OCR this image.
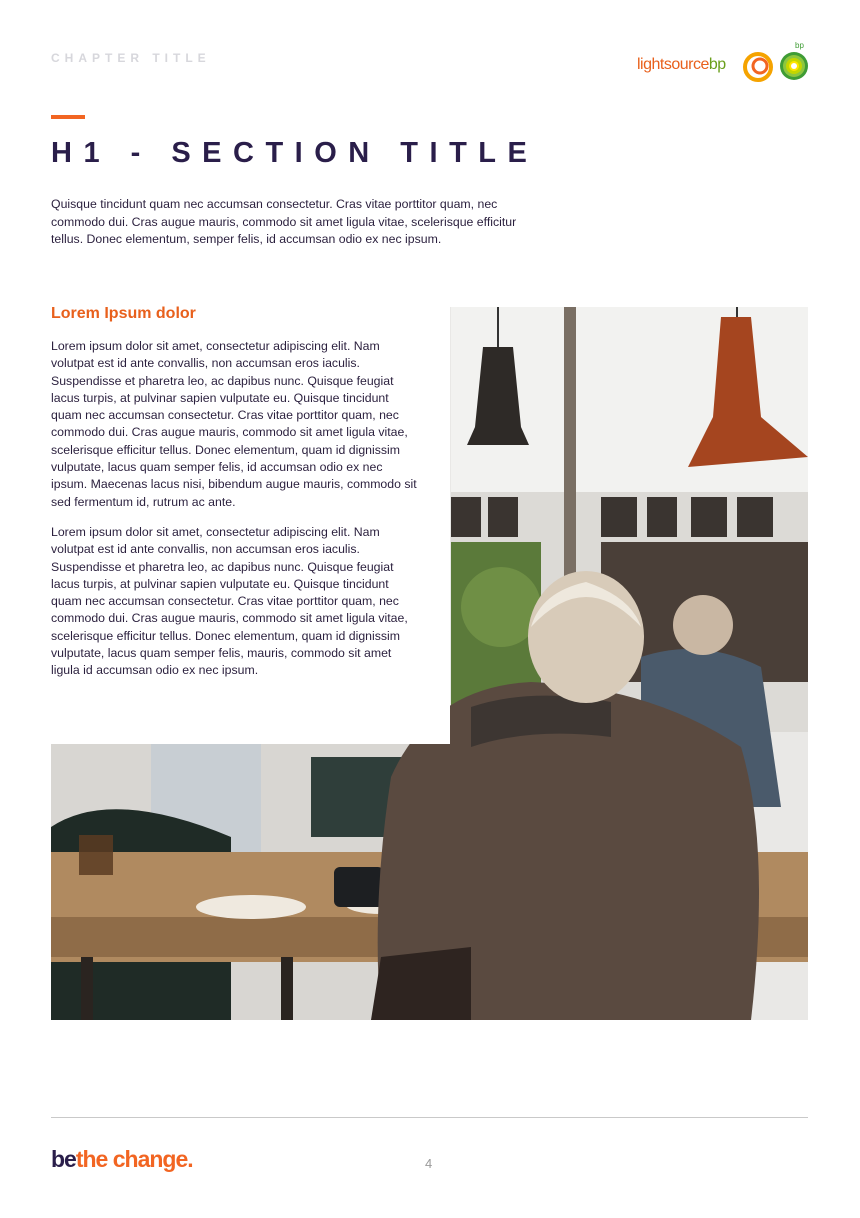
CHAPTER TITLE	lightsourcebp
bp
H1 - SECTION TITLE
Quisque tincidunt quam nec accumsan consectetur. Cras vitae porttitor quam, nec commodo dui. Cras augue mauris, commodo sit amet ligula vitae, scelerisque efficitur tellus. Donec elementum, semper felis, id accumsan odio ex nec ipsum.
Lorem Ipsum dolor
Lorem ipsum dolor sit amet, consectetur adipiscing elit. Nam volutpat est id ante convallis, non accumsan eros iaculis. Suspendisse et pharetra leo, ac dapibus nunc. Quisque feugiat lacus turpis, at pulvinar sapien vulputate eu. Quisque tincidunt quam nec accumsan consectetur. Cras vitae porttitor quam, nec commodo dui. Cras augue mauris, commodo sit amet ligula vitae, scelerisque efficitur tellus. Donec elementum, quam id dignissim vulputate, lacus quam semper felis, id accumsan odio ex nec ipsum. Maecenas lacus nisi, bibendum augue mauris, commodo sit sed fermentum id, rutrum ac ante.
Lorem ipsum dolor sit amet, consectetur adipiscing elit. Nam volutpat est id ante convallis, non accumsan eros iaculis. Suspendisse et pharetra leo, ac dapibus nunc. Quisque feugiat lacus turpis, at pulvinar sapien vulputate eu. Quisque tincidunt quam nec accumsan consectetur. Cras vitae porttitor quam, nec commodo dui. Cras augue mauris, commodo sit amet ligula vitae, scelerisque efficitur tellus. Donec elementum, quam id dignissim vulputate, lacus quam semper felis, mauris, commodo sit amet ligula id accumsan odio ex nec ipsum.
bethe change.	4
